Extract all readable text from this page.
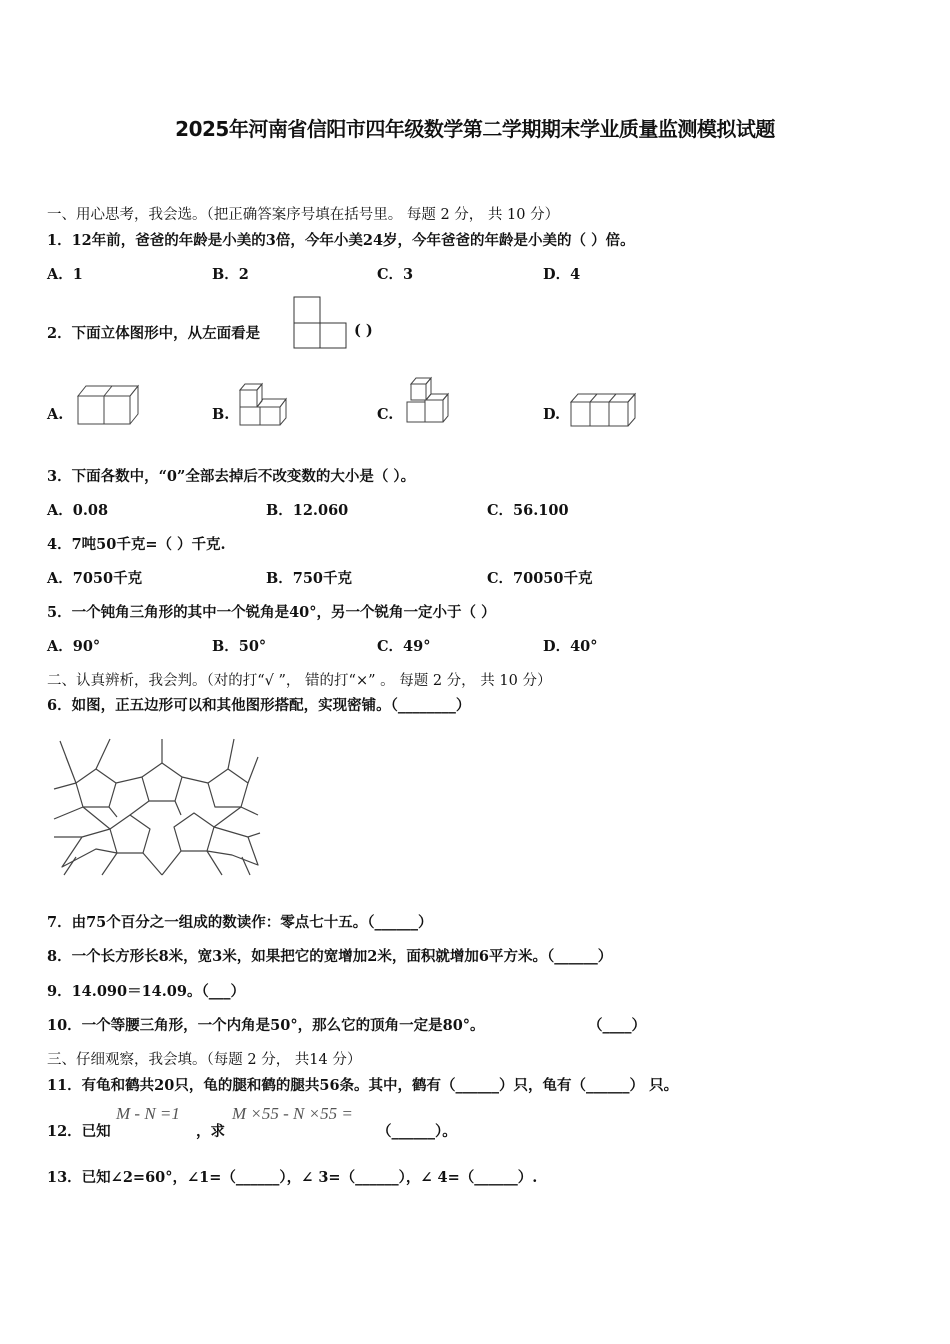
2025年河南省信阳市四年级数学第二学期期末学业质量监测模拟试题
一、用心思考，我会选。（把正确答案序号填在括号里。 每题 2 分， 共 10 分）
1．12年前，爸爸的年龄是小美的3倍，今年小美24岁，今年爸爸的年龄是小美的（ ）倍。
A．1	B．2	C．3	D．4
2．下面立体图形中，从左面看是	( )
A.	B.	C.	D.
3．下面各数中，“0”全部去掉后不改变数的大小是（ ）。
A．0.08	B．12.060	C．56.100
4．7吨50千克=（ ）千克.
A．7050千克	B．750千克	C．70050千克
5．一个钝角三角形的其中一个锐角是40°，另一个锐角一定小于（ ）
A．90°	B．50°	C．49°	D．40°
二、认真辨析，我会判。（对的打“√ ”， 错的打“×” 。 每题 2 分， 共 10 分）
6．如图，正五边形可以和其他图形搭配，实现密铺。（________）
7．由75个百分之一组成的数读作：零点七十五。（______）
8．一个长方形长8米，宽3米，如果把它的宽增加2米，面积就增加6平方米。（______）
9．14.090＝14.09。（___）
10．一个等腰三角形，一个内角是50°，那么它的顶角一定是80°。	（____）
三、仔细观察，我会填。（每题 2 分， 共14 分）
11．有龟和鹤共20只，龟的腿和鹤的腿共56条。其中，鹤有（______）只，龟有（______） 只。
12．已知
M - N =1
，求
M ×55 - N ×55 =
（______）。
13．已知∠2=60°，∠1=（______），∠ 3=（______），∠ 4=（______）.
